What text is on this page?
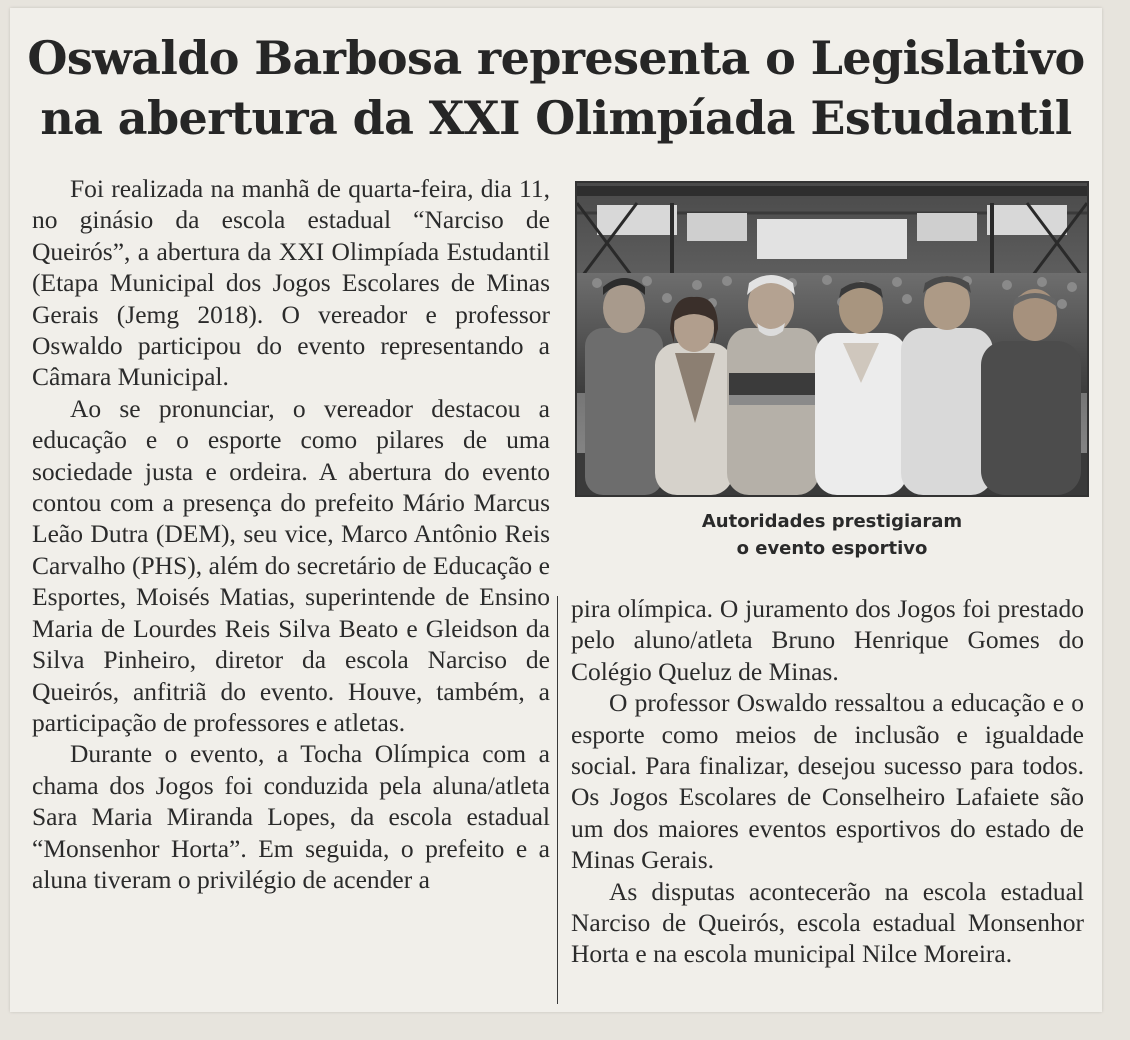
Oswaldo Barbosa representa o Legislativo
na abertura da XXI Olimpíada Estudantil

Foi realizada na manhã de quarta-feira, dia 11, no ginásio da escola estadual “Narciso de Queirós”, a abertura da XXI Olimpíada Estudantil (Etapa Municipal dos Jogos Escolares de Minas Gerais (Jemg 2018). O vereador e professor Oswaldo participou do evento representando a Câmara Municipal.

Ao se pronunciar, o vereador destacou a educação e o esporte como pilares de uma sociedade justa e ordeira. A abertura do evento contou com a presença do prefeito Mário Marcus Leão Dutra (DEM), seu vice, Marco Antônio Reis Carvalho (PHS), além do secretário de Educação e Esportes, Moisés Matias, superintende de Ensino Maria de Lourdes Reis Silva Beato e Gleidson da Silva Pinheiro, diretor da escola Narciso de Queirós, anfitriã do evento. Houve, também, a participação de professores e atletas.

Durante o evento, a Tocha Olímpica com a chama dos Jogos foi conduzida pela aluna/atleta Sara Maria Miranda Lopes, da escola estadual “Monsenhor Horta”. Em seguida, o prefeito e a aluna tiveram o privilégio de acender a

Autoridades prestigiaram
o evento esportivo

pira olímpica. O juramento dos Jogos foi prestado pelo aluno/atleta Bruno Henrique Gomes do Colégio Queluz de Minas.

O professor Oswaldo ressaltou a educação e o esporte como meios de inclusão e igualdade social. Para finalizar, desejou sucesso para todos. Os Jogos Escolares de Conselheiro Lafaiete são um dos maiores eventos esportivos do estado de Minas Gerais.

As disputas acontecerão na escola estadual Narciso de Queirós, escola estadual Monsenhor Horta e na escola municipal Nilce Moreira.
